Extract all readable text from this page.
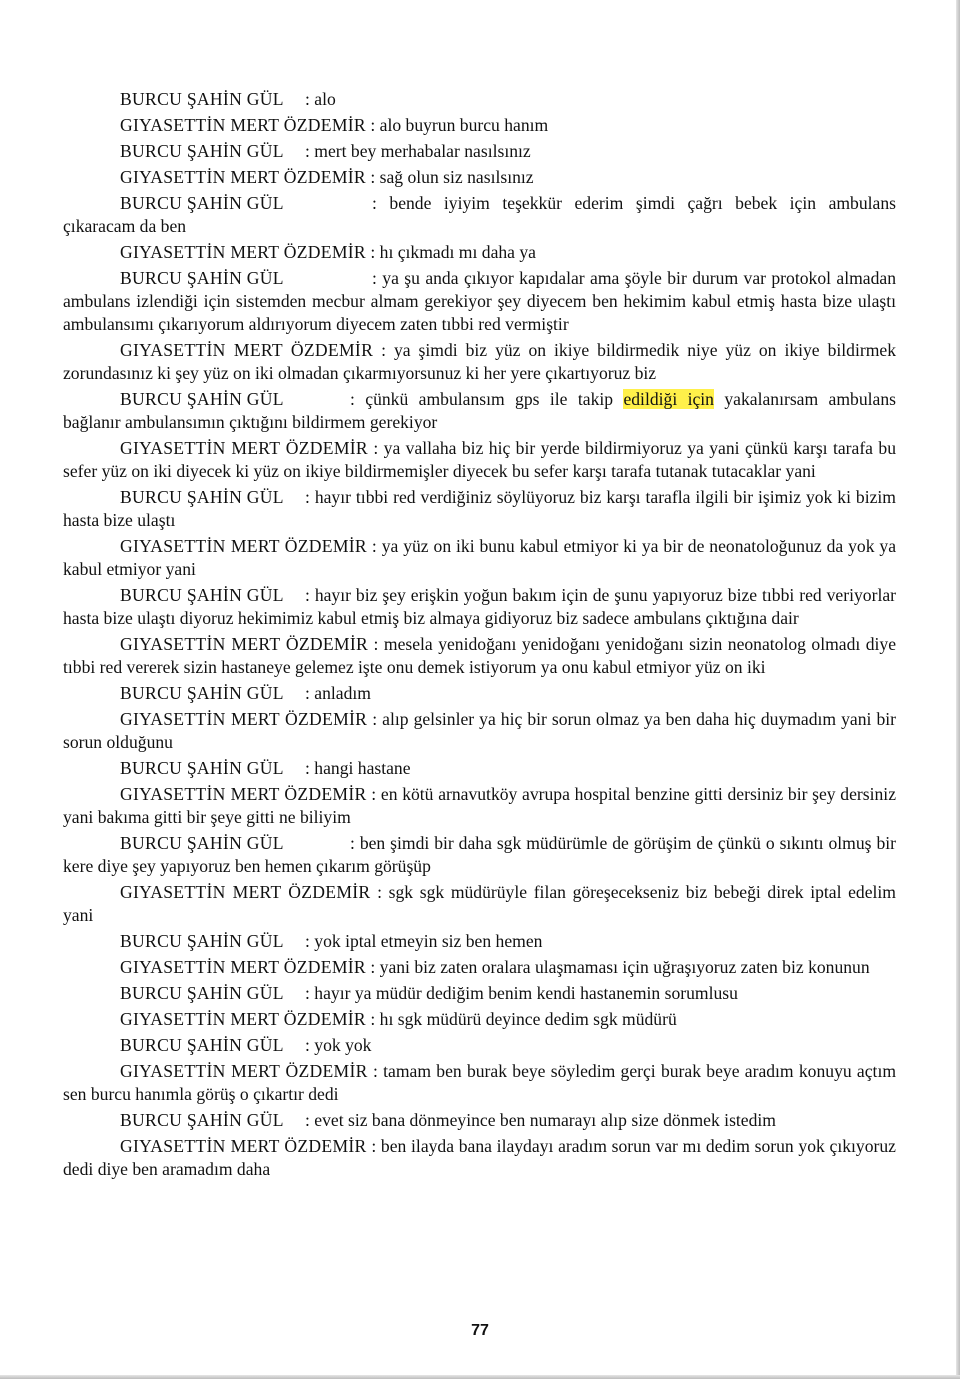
BURCU ŞAHİN GÜL : alo

GIYASETTİN MERT ÖZDEMİR : alo buyrun burcu hanım

BURCU ŞAHİN GÜL : mert bey merhabalar nasılsınız

GIYASETTİN MERT ÖZDEMİR : sağ olun siz nasılsınız

BURCU ŞAHİN GÜL	: bende iyiyim teşekkür ederim şimdi çağrı bebek için ambulans çıkaracam da ben

GIYASETTİN MERT ÖZDEMİR : hı çıkmadı mı daha ya

BURCU ŞAHİN GÜL	: ya şu anda çıkıyor kapıdalar ama şöyle bir durum var protokol almadan ambulans izlendiği için sistemden mecbur almam gerekiyor şey diyecem ben hekimim kabul etmiş hasta bize ulaştı ambulansımı çıkarıyorum aldırıyorum diyecem zaten tıbbi red vermiştir

GIYASETTİN MERT ÖZDEMİR : ya şimdi biz yüz on ikiye bildirmedik niye yüz on ikiye bildirmek zorundasınız ki şey yüz on iki olmadan çıkarmıyorsunuz ki her yere çıkartıyoruz biz

BURCU ŞAHİN GÜL	: çünkü ambulansım gps ile takip edildiği için yakalanırsam ambulans bağlanır ambulansımın çıktığını bildirmem gerekiyor

GIYASETTİN MERT ÖZDEMİR : ya vallaha biz hiç bir yerde bildirmiyoruz ya yani çünkü karşı tarafa bu sefer yüz on iki diyecek ki yüz on ikiye bildirmemişler diyecek bu sefer karşı tarafa tutanak tutacaklar yani

BURCU ŞAHİN GÜL : hayır tıbbi red verdiğiniz söylüyoruz biz karşı tarafla ilgili bir işimiz yok ki bizim hasta bize ulaştı

GIYASETTİN MERT ÖZDEMİR : ya yüz on iki bunu kabul etmiyor ki ya bir de neonatoloğunuz da yok ya kabul etmiyor yani

BURCU ŞAHİN GÜL : hayır biz şey erişkin yoğun bakım için de şunu yapıyoruz bize tıbbi red veriyorlar hasta bize ulaştı diyoruz hekimimiz kabul etmiş biz almaya gidiyoruz biz sadece ambulans çıktığına dair

GIYASETTİN MERT ÖZDEMİR : mesela yenidoğanı yenidoğanı yenidoğanı sizin neonatolog olmadı diye tıbbi red vererek sizin hastaneye gelemez işte onu demek istiyorum ya onu kabul etmiyor yüz on iki

BURCU ŞAHİN GÜL : anladım

GIYASETTİN MERT ÖZDEMİR : alıp gelsinler ya hiç bir sorun olmaz ya ben daha hiç duymadım yani bir sorun olduğunu

BURCU ŞAHİN GÜL : hangi hastane

GIYASETTİN MERT ÖZDEMİR : en kötü arnavutköy avrupa hospital benzine gitti dersiniz bir şey dersiniz yani bakıma gitti bir şeye gitti ne biliyim

BURCU ŞAHİN GÜL	: ben şimdi bir daha sgk müdürümle de görüşim de çünkü o sıkıntı olmuş bir kere diye şey yapıyoruz ben hemen çıkarım görüşüp

GIYASETTİN MERT ÖZDEMİR : sgk sgk müdürüyle filan göreşecekseniz biz bebeği direk iptal edelim yani

BURCU ŞAHİN GÜL : yok iptal etmeyin siz ben hemen

GIYASETTİN MERT ÖZDEMİR : yani biz zaten oralara ulaşmaması için uğraşıyoruz zaten biz konunun

BURCU ŞAHİN GÜL : hayır ya müdür dediğim benim kendi hastanemin sorumlusu

GIYASETTİN MERT ÖZDEMİR : hı sgk müdürü deyince dedim sgk müdürü

BURCU ŞAHİN GÜL : yok yok

GIYASETTİN MERT ÖZDEMİR : tamam ben burak beye söyledim gerçi burak beye aradım konuyu açtım sen burcu hanımla görüş o çıkartır dedi

BURCU ŞAHİN GÜL : evet siz bana dönmeyince ben numarayı alıp size dönmek istedim

GIYASETTİN MERT ÖZDEMİR : ben ilayda bana ilaydayı aradım sorun var mı dedim sorun yok çıkıyoruz dedi diye ben aramadım daha

77
